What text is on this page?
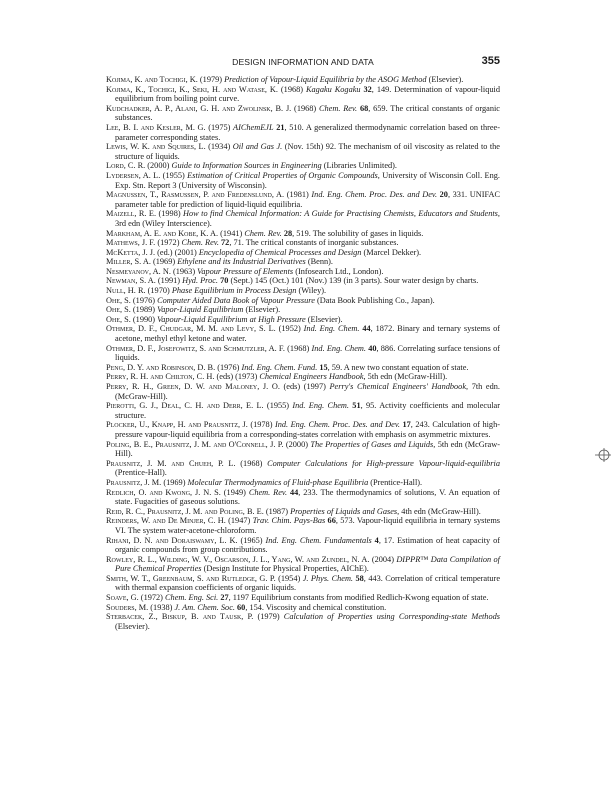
DESIGN INFORMATION AND DATA	355

Kojima, K. and Tochigi, K. (1979) Prediction of Vapour-Liquid Equilibria by the ASOG Method (Elsevier).

Kojima, K., Tochigi, K., Seki, H. and Watase, K. (1968) Kagaku Kogaku 32, 149. Determination of vapour-liquid equilibrium from boiling point curve.

Kudchadker, A. P., Alani, G. H. and Zwolinsk, B. J. (1968) Chem. Rev. 68, 659. The critical constants of organic substances.

Lee, B. I. and Kesler, M. G. (1975) AIChemEJL 21, 510. A generalized thermodynamic correlation based on three-parameter corresponding states.

Lewis, W. K. and Squires, L. (1934) Oil and Gas J. (Nov. 15th) 92. The mechanism of oil viscosity as related to the structure of liquids.

Lord, C. R. (2000) Guide to Information Sources in Engineering (Libraries Unlimited).

Lydersen, A. L. (1955) Estimation of Critical Properties of Organic Compounds, University of Wisconsin Coll. Eng. Exp. Stn. Report 3 (University of Wisconsin).

Magnussen, T., Rasmussen, P. and Fredenslund, A. (1981) Ind. Eng. Chem. Proc. Des. and Dev. 20, 331. UNIFAC parameter table for prediction of liquid-liquid equilibria.

Maizell, R. E. (1998) How to find Chemical Information: A Guide for Practising Chemists, Educators and Students, 3rd edn (Wiley Interscience).

Markham, A. E. and Kobe, K. A. (1941) Chem. Rev. 28, 519. The solubility of gases in liquids.

Mathews, J. F. (1972) Chem. Rev. 72, 71. The critical constants of inorganic substances.

McKetta, J. J. (ed.) (2001) Encyclopedia of Chemical Processes and Design (Marcel Dekker).

Miller, S. A. (1969) Ethylene and its Industrial Derivatives (Benn).

Nesmeyanov, A. N. (1963) Vapour Pressure of Elements (Infosearch Ltd., London).

Newman, S. A. (1991) Hyd. Proc. 70 (Sept.) 145 (Oct.) 101 (Nov.) 139 (in 3 parts). Sour water design by charts.

Null, H. R. (1970) Phase Equilibrium in Process Design (Wiley).

Ohe, S. (1976) Computer Aided Data Book of Vapour Pressure (Data Book Publishing Co., Japan).

Ohe, S. (1989) Vapor-Liquid Equilibrium (Elsevier).

Ohe, S. (1990) Vapour-Liquid Equilibrium at High Pressure (Elsevier).

Othmer, D. F., Chudgar, M. M. and Levy, S. L. (1952) Ind. Eng. Chem. 44, 1872. Binary and ternary systems of acetone, methyl ethyl ketone and water.

Othmer, D. F., Josefowitz, S. and Schmutzler, A. F. (1968) Ind. Eng. Chem. 40, 886. Correlating surface tensions of liquids.

Peng, D. Y. and Robinson, D. B. (1976) Ind. Eng. Chem. Fund. 15, 59. A new two constant equation of state.

Perry, R. H. and Chilton, C. H. (eds) (1973) Chemical Engineers Handbook, 5th edn (McGraw-Hill).

Perry, R. H., Green, D. W. and Maloney, J. O. (eds) (1997) Perry's Chemical Engineers' Handbook, 7th edn. (McGraw-Hill).

Pierotti, G. J., Deal, C. H. and Derr, E. L. (1955) Ind. Eng. Chem. 51, 95. Activity coefficients and molecular structure.

Plocker, U., Knapp, H. and Prausnitz, J. (1978) Ind. Eng. Chem. Proc. Des. and Dev. 17, 243. Calculation of high-pressure vapour-liquid equilibria from a corresponding-states correlation with emphasis on asymmetric mixtures.

Poling, B. E., Prausnitz, J. M. and O'Connell, J. P. (2000) The Properties of Gases and Liquids, 5th edn (McGraw-Hill).

Prausnitz, J. M. and Chueh, P. L. (1968) Computer Calculations for High-pressure Vapour-liquid-equilibria (Prentice-Hall).

Prausnitz, J. M. (1969) Molecular Thermodynamics of Fluid-phase Equilibria (Prentice-Hall).

Redlich, O. and Kwong, J. N. S. (1949) Chem. Rev. 44, 233. The thermodynamics of solutions, V. An equation of state. Fugacities of gaseous solutions.

Reid, R. C., Prausnitz, J. M. and Poling, B. E. (1987) Properties of Liquids and Gases, 4th edn (McGraw-Hill).

Reinders, W. and De Minjer, C. H. (1947) Trav. Chim. Pays-Bas 66, 573. Vapour-liquid equilibria in ternary systems VI. The system water-acetone-chloroform.

Rihani, D. N. and Doraiswamy, L. K. (1965) Ind. Eng. Chem. Fundamentals 4, 17. Estimation of heat capacity of organic compounds from group contributions.

Rowley, R. L., Wilding, W. V., Oscarson, J. L., Yang, W. and Zundel, N. A. (2004) DIPPR™ Data Compilation of Pure Chemical Properties (Design Institute for Physical Properties, AIChE).

Smith, W. T., Greenbaum, S. and Rutledge, G. P. (1954) J. Phys. Chem. 58, 443. Correlation of critical temperature with thermal expansion coefficients of organic liquids.

Soave, G. (1972) Chem. Eng. Sci. 27, 1197 Equilibrium constants from modified Redlich-Kwong equation of state.

Souders, M. (1938) J. Am. Chem. Soc. 60, 154. Viscosity and chemical constitution.

Sterbacek, Z., Biskup, B. and Tausk, P. (1979) Calculation of Properties using Corresponding-state Methods (Elsevier).
